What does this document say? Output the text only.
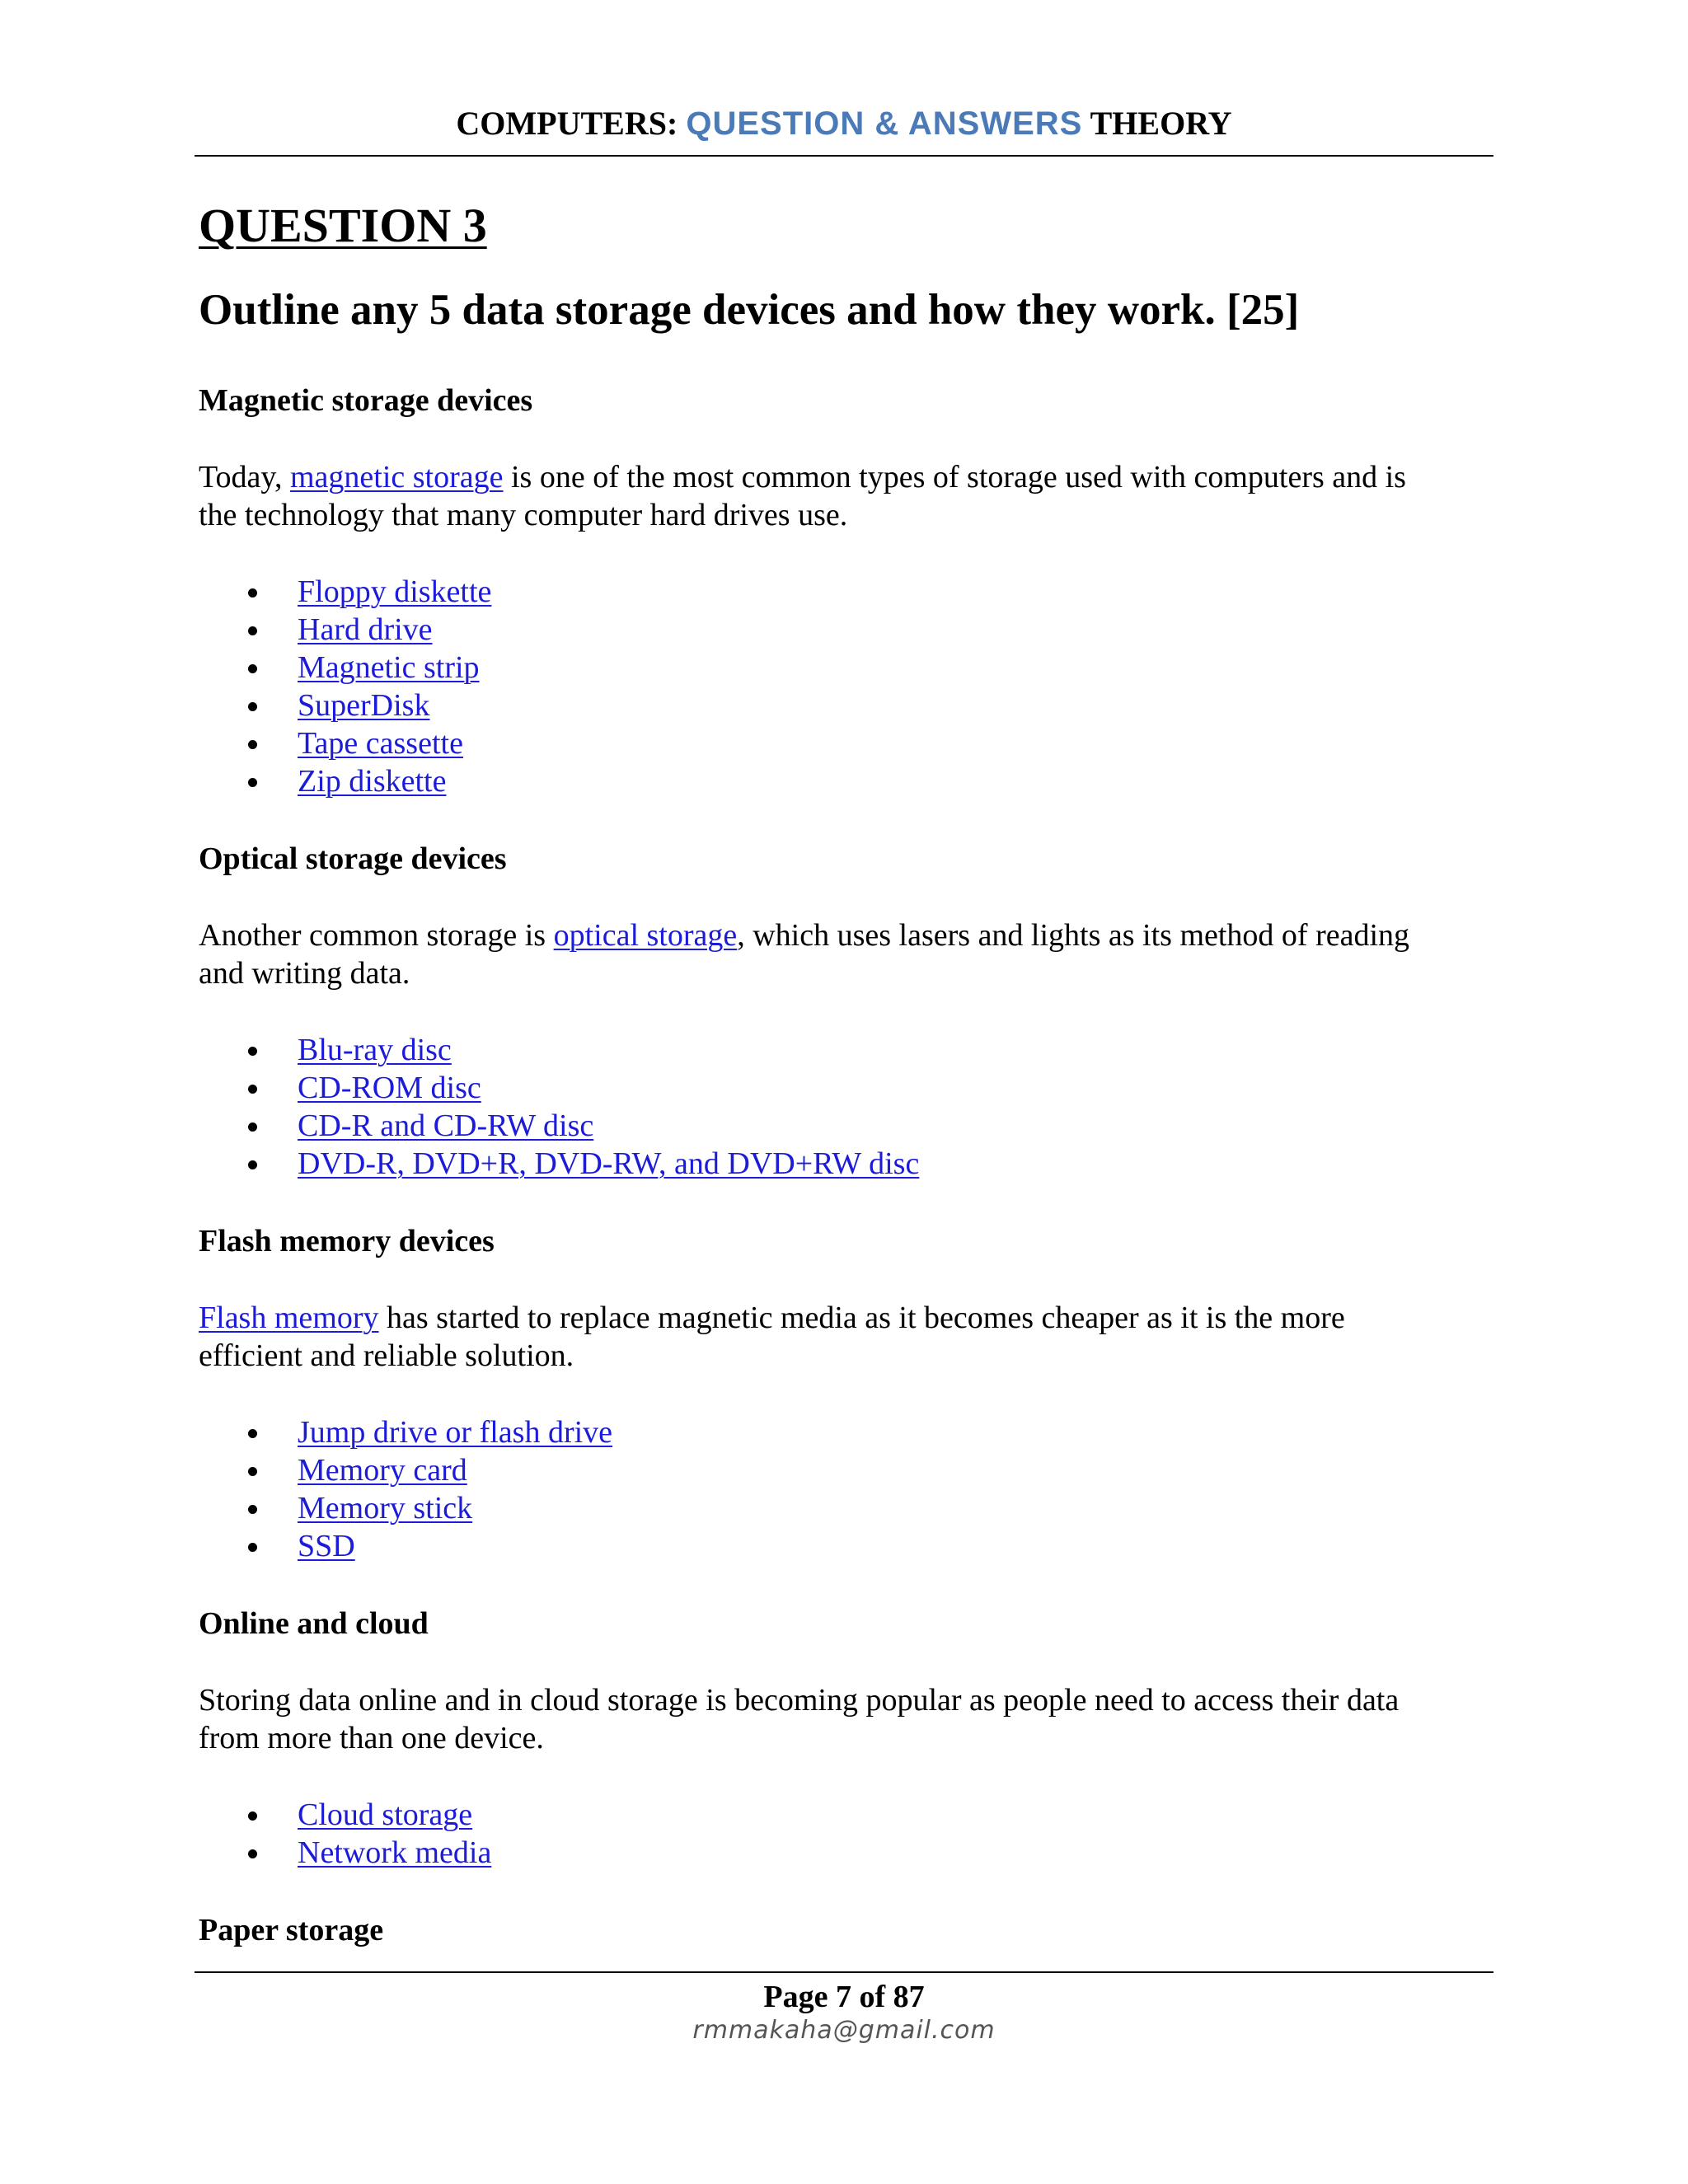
COMPUTERS: QUESTION & ANSWERS THEORY
QUESTION 3
Outline any 5 data storage devices and how they work. [25]
Magnetic storage devices

Today, magnetic storage is one of the most common types of storage used with computers and is
the technology that many computer hard drives use.

Floppy diskette
Hard drive
Magnetic strip
SuperDisk
Tape cassette
Zip diskette
Optical storage devices

Another common storage is optical storage, which uses lasers and lights as its method of reading
and writing data.

Blu-ray disc
CD-ROM disc
CD-R and CD-RW disc
DVD-R, DVD+R, DVD-RW, and DVD+RW disc
Flash memory devices

Flash memory has started to replace magnetic media as it becomes cheaper as it is the more
efficient and reliable solution.

Jump drive or flash drive
Memory card
Memory stick
SSD
Online and cloud

Storing data online and in cloud storage is becoming popular as people need to access their data
from more than one device.

Cloud storage
Network media
Paper storage
Page 7 of 87
rmmakaha@gmail.com
